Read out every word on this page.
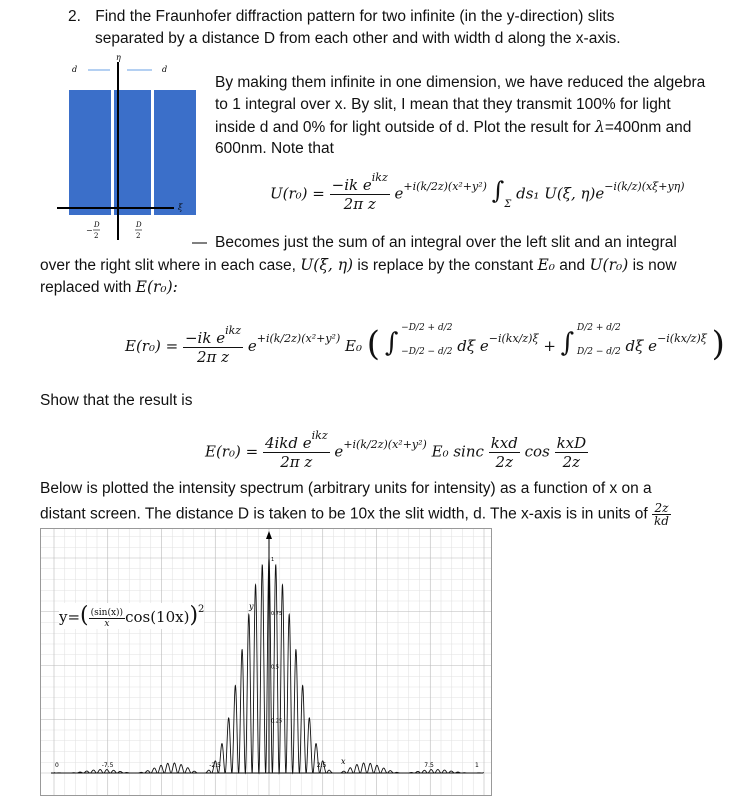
2. Find the Fraunhofer diffraction pattern for two infinite (in the y-direction) slits
separated by a distance D from each other and with width d along the x-axis.
d	d
η
ξ
−
D
2
D
2
By making them infinite in one dimension, we have reduced the algebra
to 1 integral over x. By slit, I mean that they transmit 100% for light
inside d and 0% for light outside of d. Plot the result for λ=400nm and
600nm. Note that
$U(r_0) = \frac{-ik e^{ikz}}{\text{2π z}} e^{+i(k/2z)(x^2+y^2)}$ $\int_\Sigma$ ds₁ U(ξ, $\eta)e^{-i(k/z)(x\xi+y\eta)}$
Becomes just the sum of an integral over the left slit and an integral
over the right slit where in each case, U(ξ, η) is replace by the constant E₀ and U(r₀) is now
replaced with E(r₀):
$E(r_0) = \frac{-ik e^{ikz}}{\text{2π z}} e^{+i(k/2z)(x^2+y^2)}$ E₀ ( ∫ −D/2 + d/2
−D/2 − d/2 dξ $e^{-i(kx/z)\xi}$ + ∫ D/2 + d/2
D/2 − d/2 dξ $e^{-i(kx/z)\xi}$ )
Show that the result is
$E(r_0) = \frac{4ikd e^{ikz}}{\text{2π z}} e^{+i(k/2z)(x^2+y^2)}$ E₀ sinc $\frac{\text{kxd}}{2z}$ $\cos \frac{\text{kxD}}{2z}$
Below is plotted the intensity spectrum (arbitrary units for intensity) as a function of x on a
distant screen. The distance D is taken to be 10x the slit width, d. The x-axis is in units of $\frac{2z}{kd}$
1
0.75
0.5
0.25
-7.5	-2.5	2.5	7.5
y
x	1
0
$y=( \frac{(\sin(x))}{x} \cos(10x))^2$
